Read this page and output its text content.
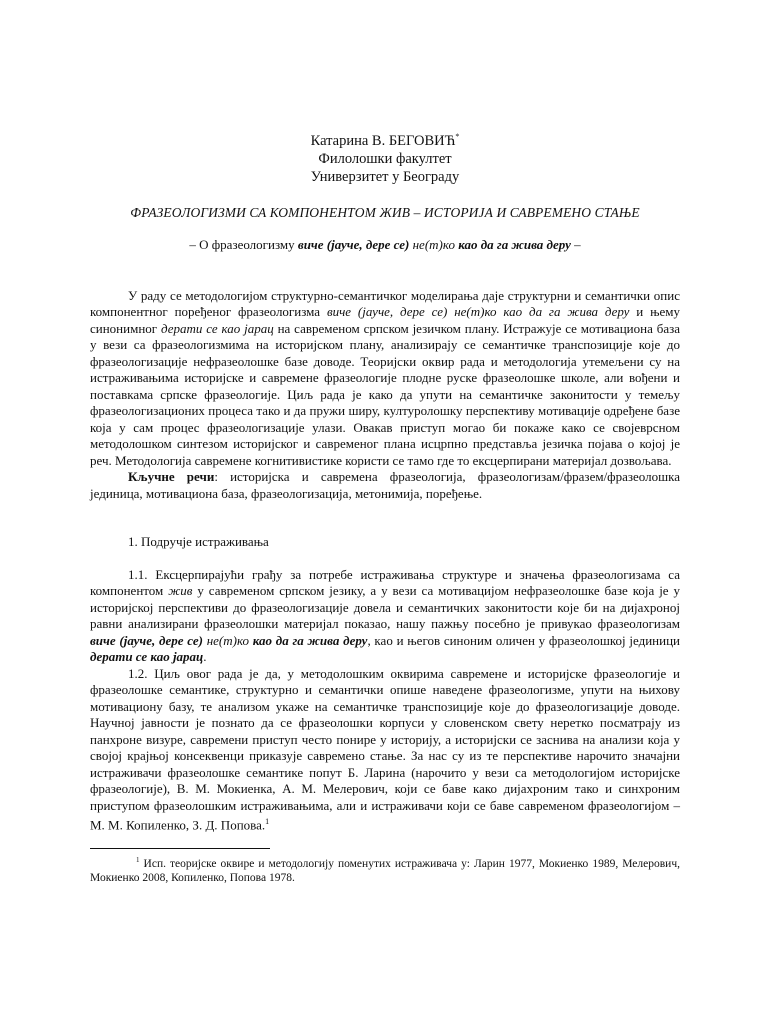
Катарина В. БЕГОВИЋ*

Филолошки факултет

Универзитет у Београду

ФРАЗЕОЛОГИЗМИ СА КОМПОНЕНТОМ ЖИВ – ИСТОРИЈА И САВРЕМЕНО СТАЊЕ

– О фразеологизму виче (јауче, дере се) не(т)ко као да га жива деру –

У раду се методологијом структурно-семантичког моделирања даје структурни и семантички опис компонентног поређеног фразеологизма виче (јауче, дере се) не(т)ко као да га жива деру и њему синонимног дерати се као јарац на савременом српском језичком плану. Истражује се мотивациона база у вези са фразеологизмима на историјском плану, анализирају се семантичке транспозиције које до фразеологизације нефразеолошке базе доводе. Теоријски оквир рада и методологија утемељени су на истраживањима историјске и савремене фразеологије плодне руске фразеолошке школе, али вођени и поставкама српске фразеологије. Циљ рада је како да упути на семантичке законитости у темељу фразеологизационих процеса тако и да пружи ширу, културолошку перспективу мотивације одређене базе која у сам процес фразеологизације улази. Овакав приступ могао би покаже како се својеврсном методолошком синтезом историјског и савременог плана исцрпно представља језичка појава о којој је реч. Методологија савремене когнитивистике користи се тамо где то ексцерпирани материјал дозвољава.

Кључне речи: историјска и савремена фразеологија, фразеологизам/фразем/фразеолошка јединица, мотивациона база, фразеологизација, метонимија, поређење.

1. Подручје истраживања

1.1. Ексцерпирајући грађу за потребе истраживања структуре и значења фразеологизама са компонентом жив у савременом српском језику, а у вези са мотивацијом нефразеолошке базе која је у историјској перспективи до фразеологизације довела и семантичких законитости које би на дијахроној равни анализирани фразеолошки материјал показао, нашу пажњу посебно је привукао фразеологизам виче (јауче, дере се) не(т)ко као да га жива деру, као и његов синоним оличен у фразеолошкој јединици дерати се као јарац.

1.2. Циљ овог рада је да, у методолошким оквирима савремене и историјске фразеологије и фразеолошке семантике, структурно и семантички опише наведене фразеологизме, упути на њихову мотивациону базу, те анализом укаже на семантичке транспозиције које до фразеологизације доводе. Научној јавности је познато да се фразеолошки корпуси у словенском свету неретко посматрају из панхроне визуре, савремени приступ често понире у историју, а историјски се заснива на анализи која у својој крајњој консеквенци приказује савремено стање. За нас су из те перспективе нарочито значајни истраживачи фразеолошке семантике попут Б. Ларина (нарочито у вези са методологијом историјске фразеологије), В. М. Мокиенка, А. М. Мелерович, који се баве како дијахроним тако и синхроним приступом фразеолошким истраживањима, али и истраживачи који се баве савременом фразеологијом – М. М. Копиленко, З. Д. Попова.$^1$

$^1$ Исп. теоријске оквире и методологију поменутих истраживача у: Ларин 1977, Мокиенко 1989, Мелерович, Мокиенко 2008, Копиленко, Попова 1978.
